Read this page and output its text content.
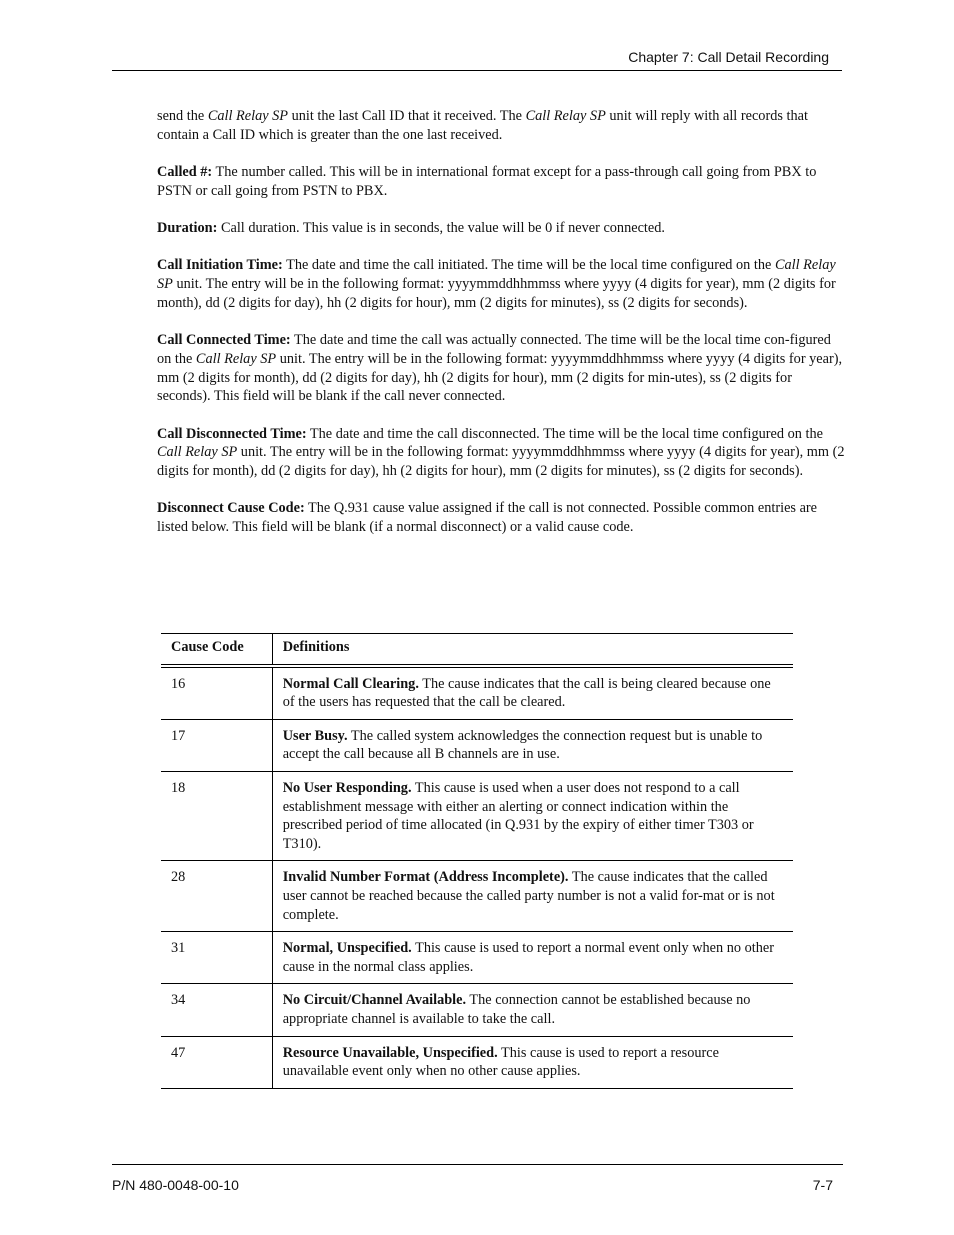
Chapter 7: Call Detail Recording

send the Call Relay SP unit the last Call ID that it received. The Call Relay SP unit will reply with all records that contain a Call ID which is greater than the one last received.

Called #: The number called. This will be in international format except for a pass-through call going from PBX to PSTN or call going from PSTN to PBX.

Duration: Call duration. This value is in seconds, the value will be 0 if never connected.

Call Initiation Time: The date and time the call initiated. The time will be the local time configured on the Call Relay SP unit. The entry will be in the following format: yyyymmddhhmmss where yyyy (4 digits for year), mm (2 digits for month), dd (2 digits for day), hh (2 digits for hour), mm (2 digits for minutes), ss (2 digits for seconds).

Call Connected Time: The date and time the call was actually connected. The time will be the local time con-figured on the Call Relay SP unit. The entry will be in the following format: yyyymmddhhmmss where yyyy (4 digits for year), mm (2 digits for month), dd (2 digits for day), hh (2 digits for hour), mm (2 digits for min-utes), ss (2 digits for seconds). This field will be blank if the call never connected.

Call Disconnected Time: The date and time the call disconnected. The time will be the local time configured on the Call Relay SP unit. The entry will be in the following format: yyyymmddhhmmss where yyyy (4 digits for year), mm (2 digits for month), dd (2 digits for day), hh (2 digits for hour), mm (2 digits for minutes), ss (2 digits for seconds).

Disconnect Cause Code: The Q.931 cause value assigned if the call is not connected. Possible common entries are listed below. This field will be blank (if a normal disconnect) or a valid cause code.

Cause Code	Definitions
16	Normal Call Clearing. The cause indicates that the call is being cleared because one of the users has requested that the call be cleared.
17	User Busy. The called system acknowledges the connection request but is unable to accept the call because all B channels are in use.
18	No User Responding. This cause is used when a user does not respond to a call establishment message with either an alerting or connect indication within the prescribed period of time allocated (in Q.931 by the expiry of either timer T303 or T310).
28	Invalid Number Format (Address Incomplete). The cause indicates that the called user cannot be reached because the called party number is not a valid for-mat or is not complete.
31	Normal, Unspecified. This cause is used to report a normal event only when no other cause in the normal class applies.
34	No Circuit/Channel Available. The connection cannot be established because no appropriate channel is available to take the call.
47	Resource Unavailable, Unspecified. This cause is used to report a resource unavailable event only when no other cause applies.
P/N 480-0048-00-10	7-7
